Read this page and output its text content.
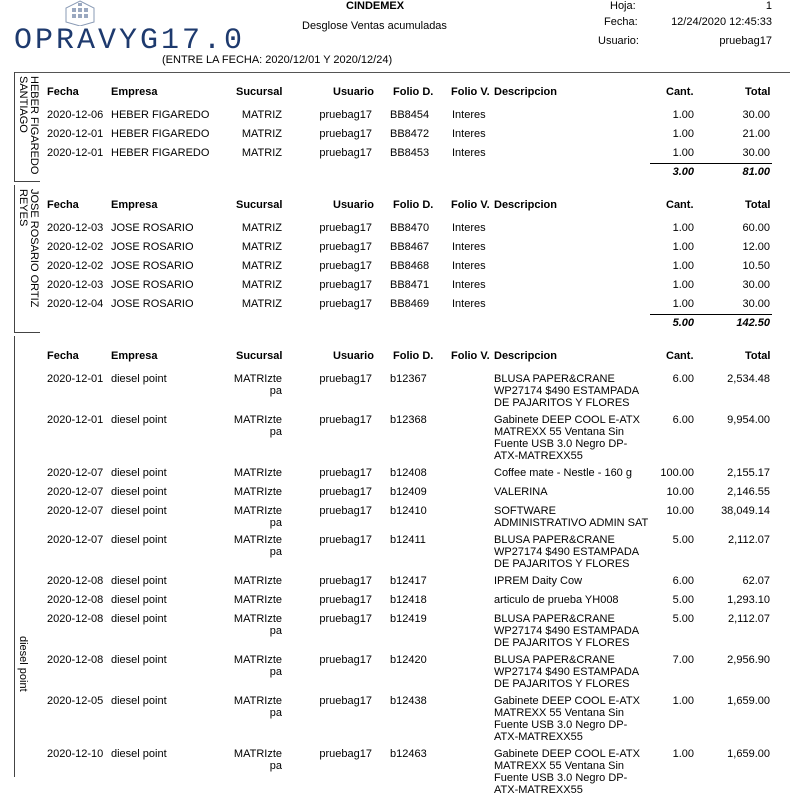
OPRAVYG17.0
CINDEMEX
Desglose Ventas acumuladas
(ENTRE LA FECHA: 2020/12/01 Y 2020/12/24)
Hoja:	1
Fecha:	12/24/2020 12:45:33
Usuario:	pruebag17
Fecha	Empresa	Sucursal	Usuario Folio D. Folio V. Descripcion	Cant.	Total
2020-12-06 HEBER FIGAREDO	MATRIZ	pruebag17 BB8454	Interes	1.00	30.00
2020-12-01 HEBER FIGAREDO	MATRIZ	pruebag17 BB8472	Interes	1.00	21.00
2020-12-01 HEBER FIGAREDO	MATRIZ	pruebag17 BB8453	Interes	1.00	30.00
3.00	81.00
HEBER FIGAREDO
SANTIAGO
Fecha	Empresa	Sucursal	Usuario Folio D. Folio V. Descripcion	Cant.	Total
2020-12-03 JOSE ROSARIO	MATRIZ	pruebag17 BB8470	Interes	1.00	60.00
2020-12-02 JOSE ROSARIO	MATRIZ	pruebag17 BB8467	Interes	1.00	12.00
2020-12-02 JOSE ROSARIO	MATRIZ	pruebag17 BB8468	Interes	1.00	10.50
2020-12-03 JOSE ROSARIO	MATRIZ	pruebag17 BB8471	Interes	1.00	30.00
2020-12-04 JOSE ROSARIO	MATRIZ	pruebag17 BB8469	Interes	1.00	30.00
5.00	142.50
JOSE ROSARIO ORTIZ
REYES
Fecha	Empresa	Sucursal	Usuario Folio D. Folio V. Descripcion	Cant.	Total
2020-12-01 diesel point	MATRIzte
pa
pruebag17 b12367	BLUSA PAPER&CRANE
WP27174 $490 ESTAMPADA
DE PAJARITOS Y FLORES
6.00	2,534.48
2020-12-01 diesel point	MATRIzte
pa
pruebag17 b12368	Gabinete DEEP COOL E-ATX
MATREXX 55 Ventana Sin
Fuente USB 3.0 Negro DP-
ATX-MATREXX55
6.00	9,954.00
2020-12-07 diesel point	MATRIzte	pruebag17 b12408	Coffee mate - Nestle - 160 g	100.00	2,155.17
2020-12-07 diesel point	MATRIzte	pruebag17 b12409	VALERINA	10.00	2,146.55
2020-12-07 diesel point	MATRIzte
pa
pruebag17 b12410	SOFTWARE
ADMINISTRATIVO ADMIN SAT
10.00	38,049.14
2020-12-07 diesel point	MATRIzte
pa
pruebag17 b12411	BLUSA PAPER&CRANE
WP27174 $490 ESTAMPADA
DE PAJARITOS Y FLORES
5.00	2,112.07
2020-12-08 diesel point	MATRIzte	pruebag17 b12417	IPREM Daity Cow	6.00	62.07
2020-12-08 diesel point	MATRIzte	pruebag17 b12418	articulo de prueba YH008	5.00	1,293.10
2020-12-08 diesel point	MATRIzte
pa
pruebag17 b12419	BLUSA PAPER&CRANE
WP27174 $490 ESTAMPADA
DE PAJARITOS Y FLORES
5.00	2,112.07
2020-12-08 diesel point	MATRIzte
pa
pruebag17 b12420	BLUSA PAPER&CRANE
WP27174 $490 ESTAMPADA
DE PAJARITOS Y FLORES
7.00	2,956.90
2020-12-05 diesel point	MATRIzte
pa
pruebag17 b12438	Gabinete DEEP COOL E-ATX
MATREXX 55 Ventana Sin
Fuente USB 3.0 Negro DP-
ATX-MATREXX55
1.00	1,659.00
2020-12-10 diesel point	MATRIzte
pa
pruebag17 b12463	Gabinete DEEP COOL E-ATX
MATREXX 55 Ventana Sin
Fuente USB 3.0 Negro DP-
ATX-MATREXX55
1.00	1,659.00
diesel point
